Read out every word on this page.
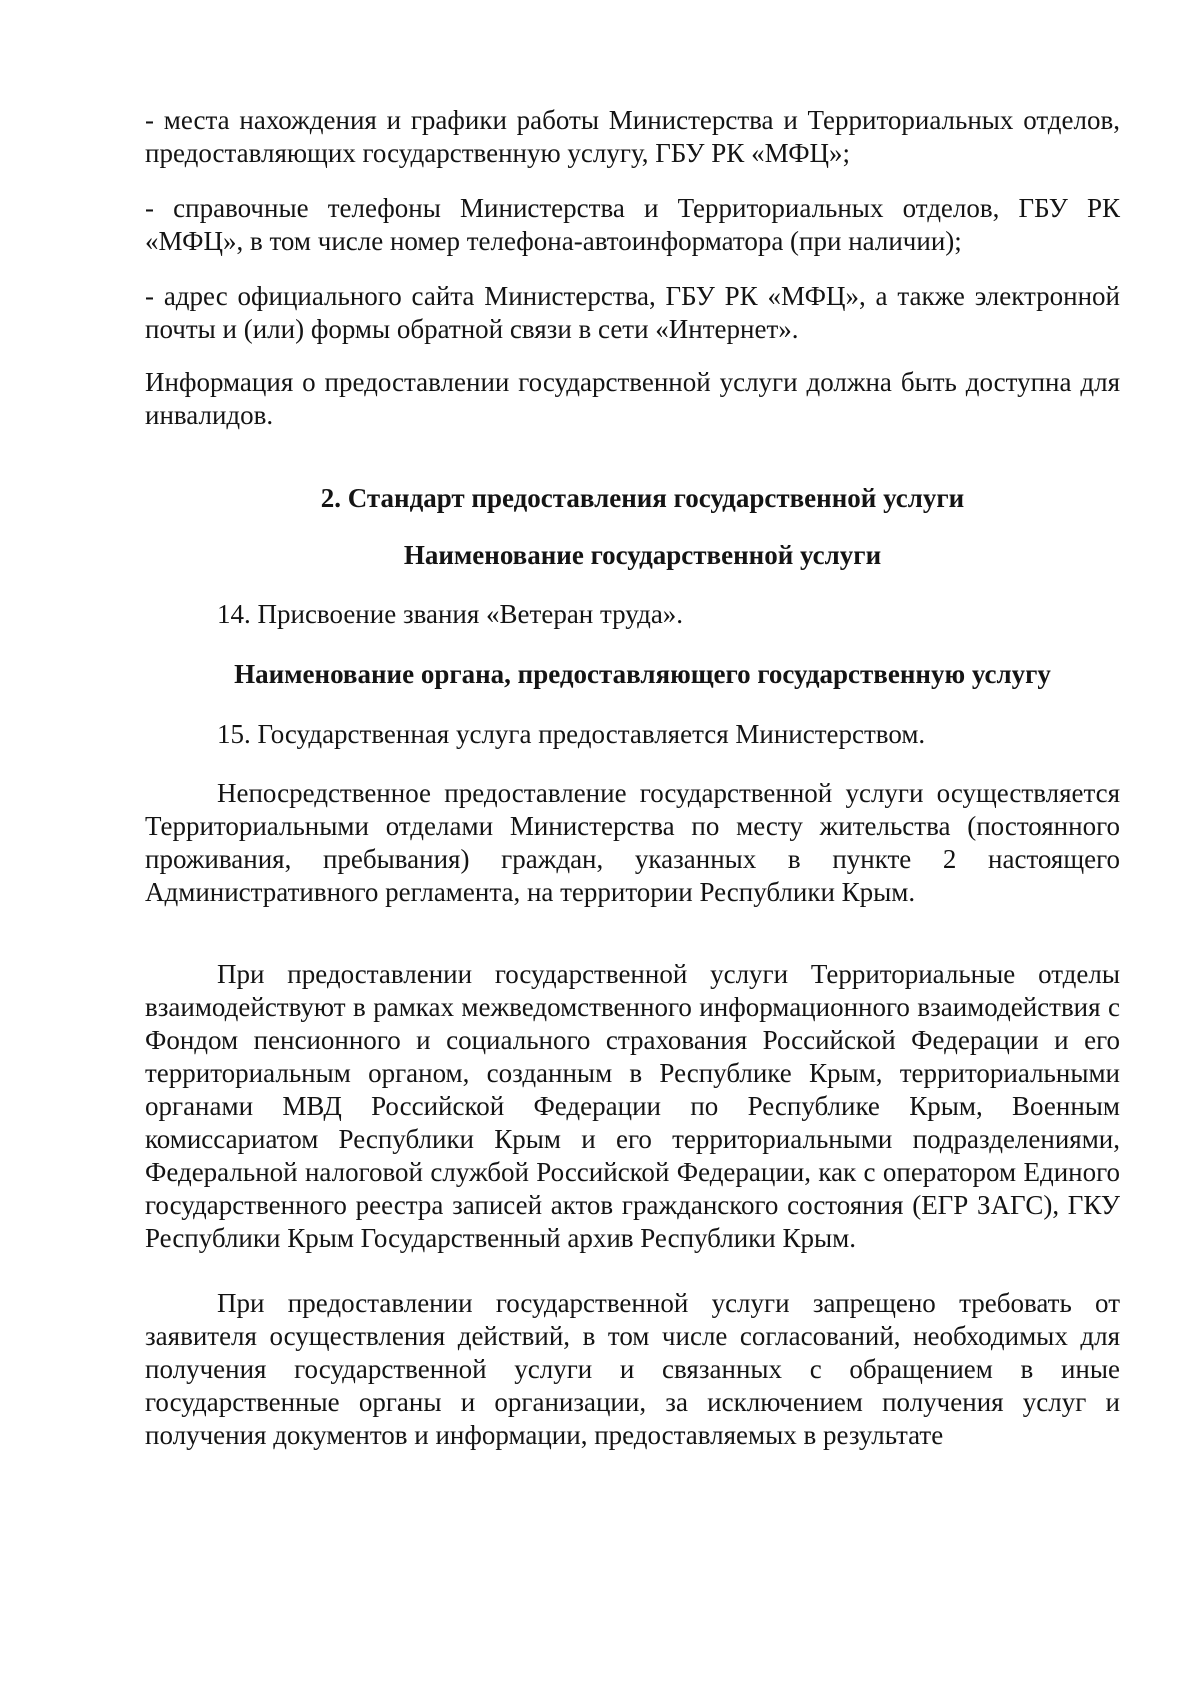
- места нахождения и графики работы Министерства и Территориальных отделов, предоставляющих государственную услугу, ГБУ РК «МФЦ»;

- справочные телефоны Министерства и Территориальных отделов, ГБУ РК «МФЦ», в том числе номер телефона-автоинформатора (при наличии);

- адрес официального сайта Министерства, ГБУ РК «МФЦ», а также электронной почты и (или) формы обратной связи в сети «Интернет».

Информация о предоставлении государственной услуги должна быть доступна для инвалидов.

2. Стандарт предоставления государственной услуги

Наименование государственной услуги

14. Присвоение звания «Ветеран труда».

Наименование органа, предоставляющего государственную услугу

15. Государственная услуга предоставляется Министерством.

Непосредственное предоставление государственной услуги осуществляется Территориальными отделами Министерства по месту жительства (постоянного проживания, пребывания) граждан, указанных в пункте 2 настоящего Административного регламента, на территории Республики Крым.

При предоставлении государственной услуги Территориальные отделы взаимодействуют в рамках межведомственного информационного взаимодействия с Фондом пенсионного и социального страхования Российской Федерации и его территориальным органом, созданным в Республике Крым, территориальными органами МВД Российской Федерации по Республике Крым, Военным комиссариатом Республики Крым и его территориальными подразделениями, Федеральной налоговой службой Российской Федерации, как с оператором Единого государственного реестра записей актов гражданского состояния (ЕГР ЗАГС), ГКУ Республики Крым Государственный архив Республики Крым.

При предоставлении государственной услуги запрещено требовать от заявителя осуществления действий, в том числе согласований, необходимых для получения государственной услуги и связанных с обращением в иные государственные органы и организации, за исключением получения услуг и получения документов и информации, предоставляемых в результате
